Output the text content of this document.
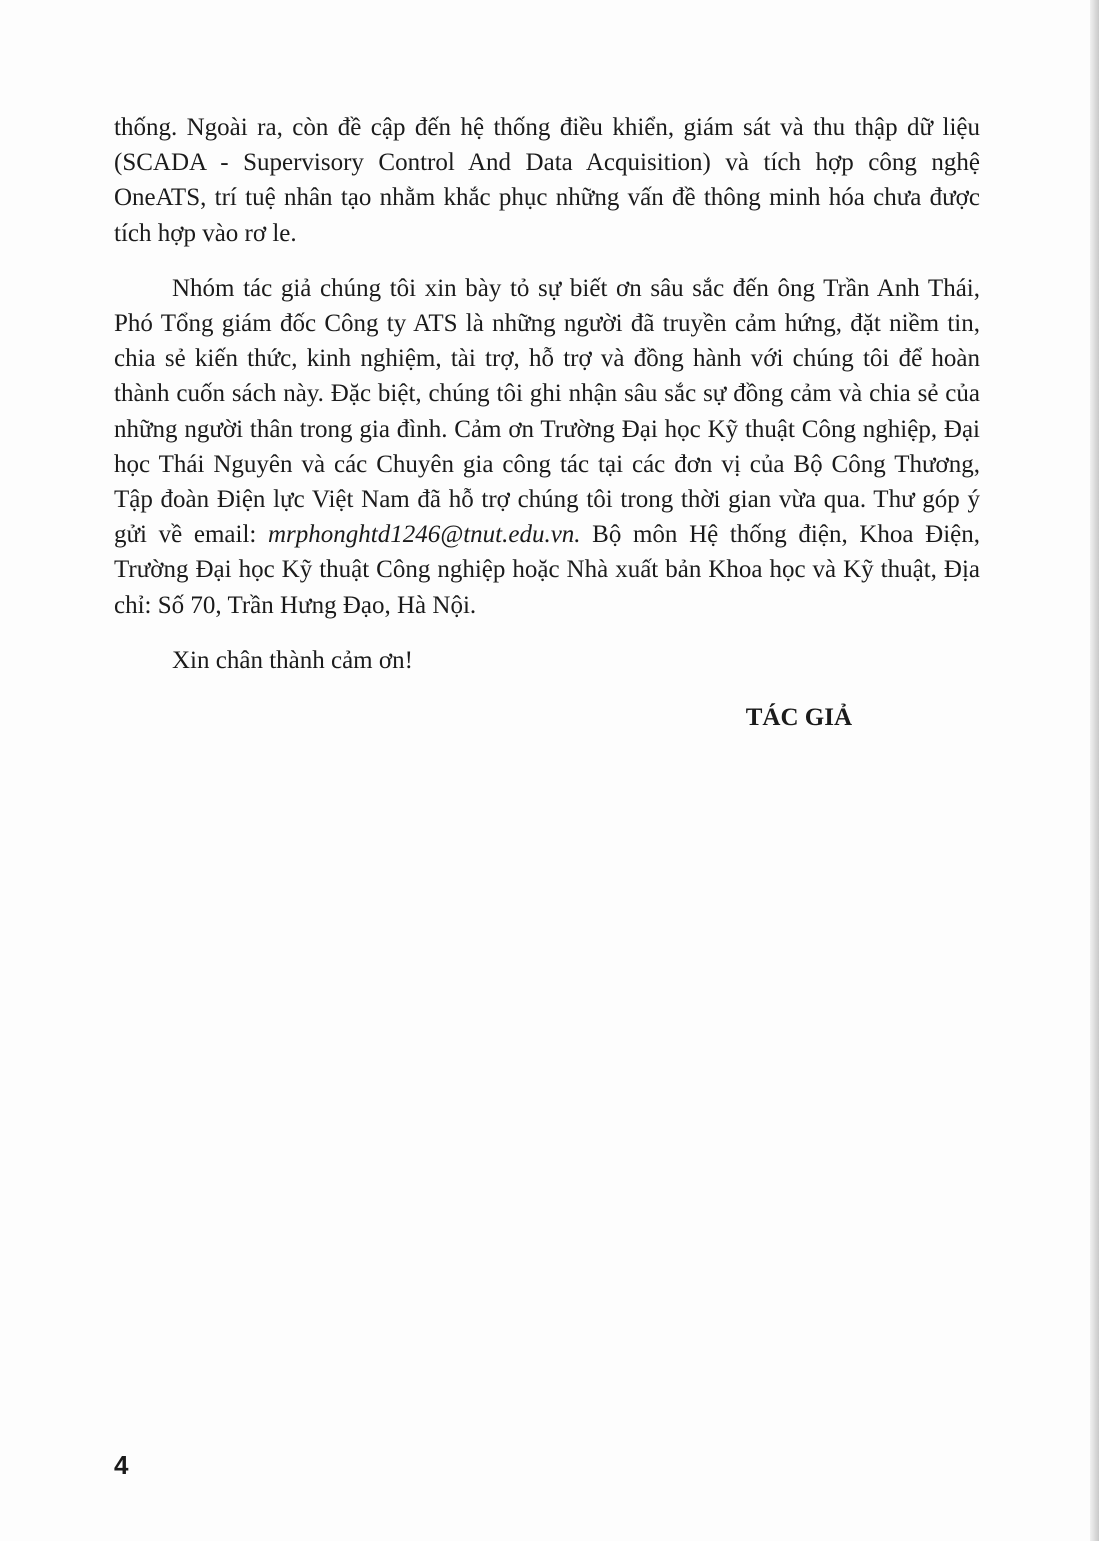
thống. Ngoài ra, còn đề cập đến hệ thống điều khiển, giám sát và thu thập dữ liệu (SCADA - Supervisory Control And Data Acquisition) và tích hợp công nghệ OneATS, trí tuệ nhân tạo nhằm khắc phục những vấn đề thông minh hóa chưa được tích hợp vào rơ le.

Nhóm tác giả chúng tôi xin bày tỏ sự biết ơn sâu sắc đến ông Trần Anh Thái, Phó Tổng giám đốc Công ty ATS là những người đã truyền cảm hứng, đặt niềm tin, chia sẻ kiến thức, kinh nghiệm, tài trợ, hỗ trợ và đồng hành với chúng tôi để hoàn thành cuốn sách này. Đặc biệt, chúng tôi ghi nhận sâu sắc sự đồng cảm và chia sẻ của những người thân trong gia đình. Cảm ơn Trường Đại học Kỹ thuật Công nghiệp, Đại học Thái Nguyên và các Chuyên gia công tác tại các đơn vị của Bộ Công Thương, Tập đoàn Điện lực Việt Nam đã hỗ trợ chúng tôi trong thời gian vừa qua. Thư góp ý gửi về email: mrphonghtd1246@tnut.edu.vn. Bộ môn Hệ thống điện, Khoa Điện, Trường Đại học Kỹ thuật Công nghiệp hoặc Nhà xuất bản Khoa học và Kỹ thuật, Địa chỉ: Số 70, Trần Hưng Đạo, Hà Nội.

Xin chân thành cảm ơn!

TÁC GIẢ

4
